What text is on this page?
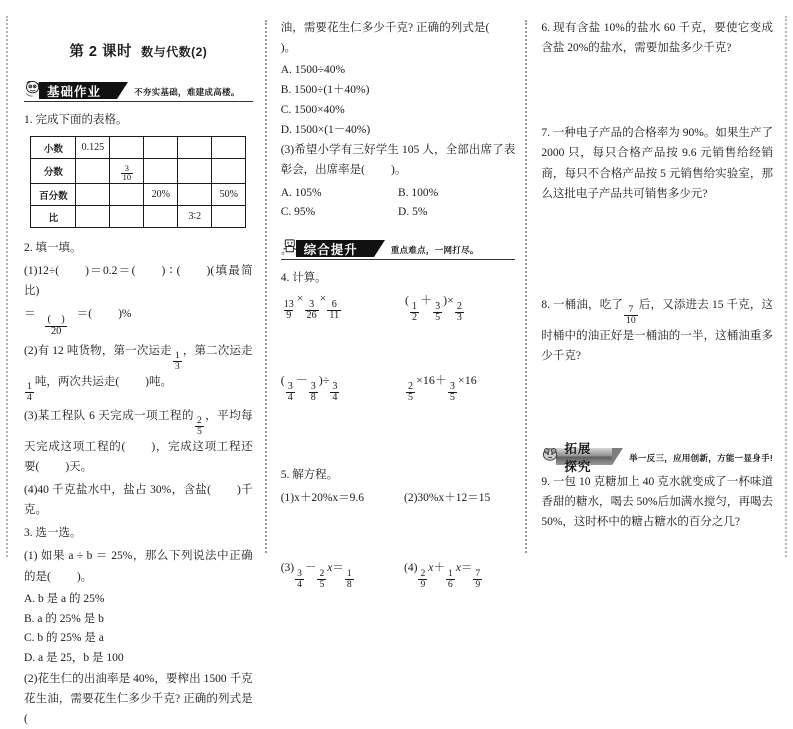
第 2 课时 数与代数(2)
基础作业	不夯实基础，难建成高楼。
1. 完成下面的表格。
小数	0.125				
分数		$\frac{3}{10}$

百分数			20%		50%
比				3∶2	
2. 填一填。
(1)12÷( )＝0.2＝( ) ∶ ( )(填最简比)
＝
$\frac{( )}{20}$
＝( )%
(2)有 12 吨货物，第一次运走
$\frac{1}{3}$
，第二次运走
$\frac{1}{4}$
吨，两次共运走( )吨。
(3)某工程队 6 天完成一项工程的
$\frac{2}{5}$
，平均每天完成这项工程的( )，完成这项工程还要( )天。
(4)40 千克盐水中，盐占 30%，含盐( )千克。
3. 选一选。
(1) 如果 a ÷ b ＝ 25%，那么下列说法中正确的是( )。
A. b 是 a 的 25%
B. a 的 25% 是 b
C. b 的 25% 是 a
D. a 是 25，b 是 100
(2)花生仁的出油率是 40%，要榨出 1500 千克花生油，需要花生仁多少千克? 正确的列式是(
油，需要花生仁多少千克? 正确的列式是()。
A. 1500÷40%
B. 1500÷(1＋40%)
C. 1500×40%
D. 1500×(1－40%)
(3)希望小学有三好学生 105 人，全部出席了表彰会，出席率是( )。
A. 105%	B. 100%
C. 95%	D. 5%
综合提升	重点难点，一网打尽。
4. 计算。
$\frac{13}{9}$
×
$\frac{3}{26}$
×
$\frac{6}{11}$	(
$\frac{1}{2}$
＋
$\frac{3}{5}$
)×
$\frac{2}{3}$
(
$\frac{3}{4}$
－
$\frac{3}{8}$
)÷
$\frac{3}{4}$	$\frac{2}{5}$
×16＋
$\frac{3}{5}$
×16
5. 解方程。
(1)x＋20%x＝9.6	(2)30%x＋12＝15
(3)
$\frac{3}{4}$
－
$\frac{2}{5}$
x＝
$\frac{1}{8}$
(4)
$\frac{2}{9}$
x＋
$\frac{1}{6}$
x＝
$\frac{7}{9}$
6. 现有含盐 10%的盐水 60 千克，要使它变成含盐 20%的盐水，需要加盐多少千克?
7. 一种电子产品的合格率为 90%。如果生产了 2000 只，每只合格产品按 9.6 元销售给经销商，每只不合格产品按 5 元销售给实验室，那么这批电子产品共可销售多少元?
8. 一桶油，吃了
$\frac{7}{10}$
后，又添进去 15 千克，这时桶中的油正好是一桶油的一半，这桶油重多少千克?
拓展探究
举一反三，应用创新，方能一显身手!
9. 一包 10 克糖加上 40 克水就变成了一杯味道香甜的糖水，喝去 50%后加满水搅匀，再喝去 50%，这时杯中的糖占糖水的百分之几?
